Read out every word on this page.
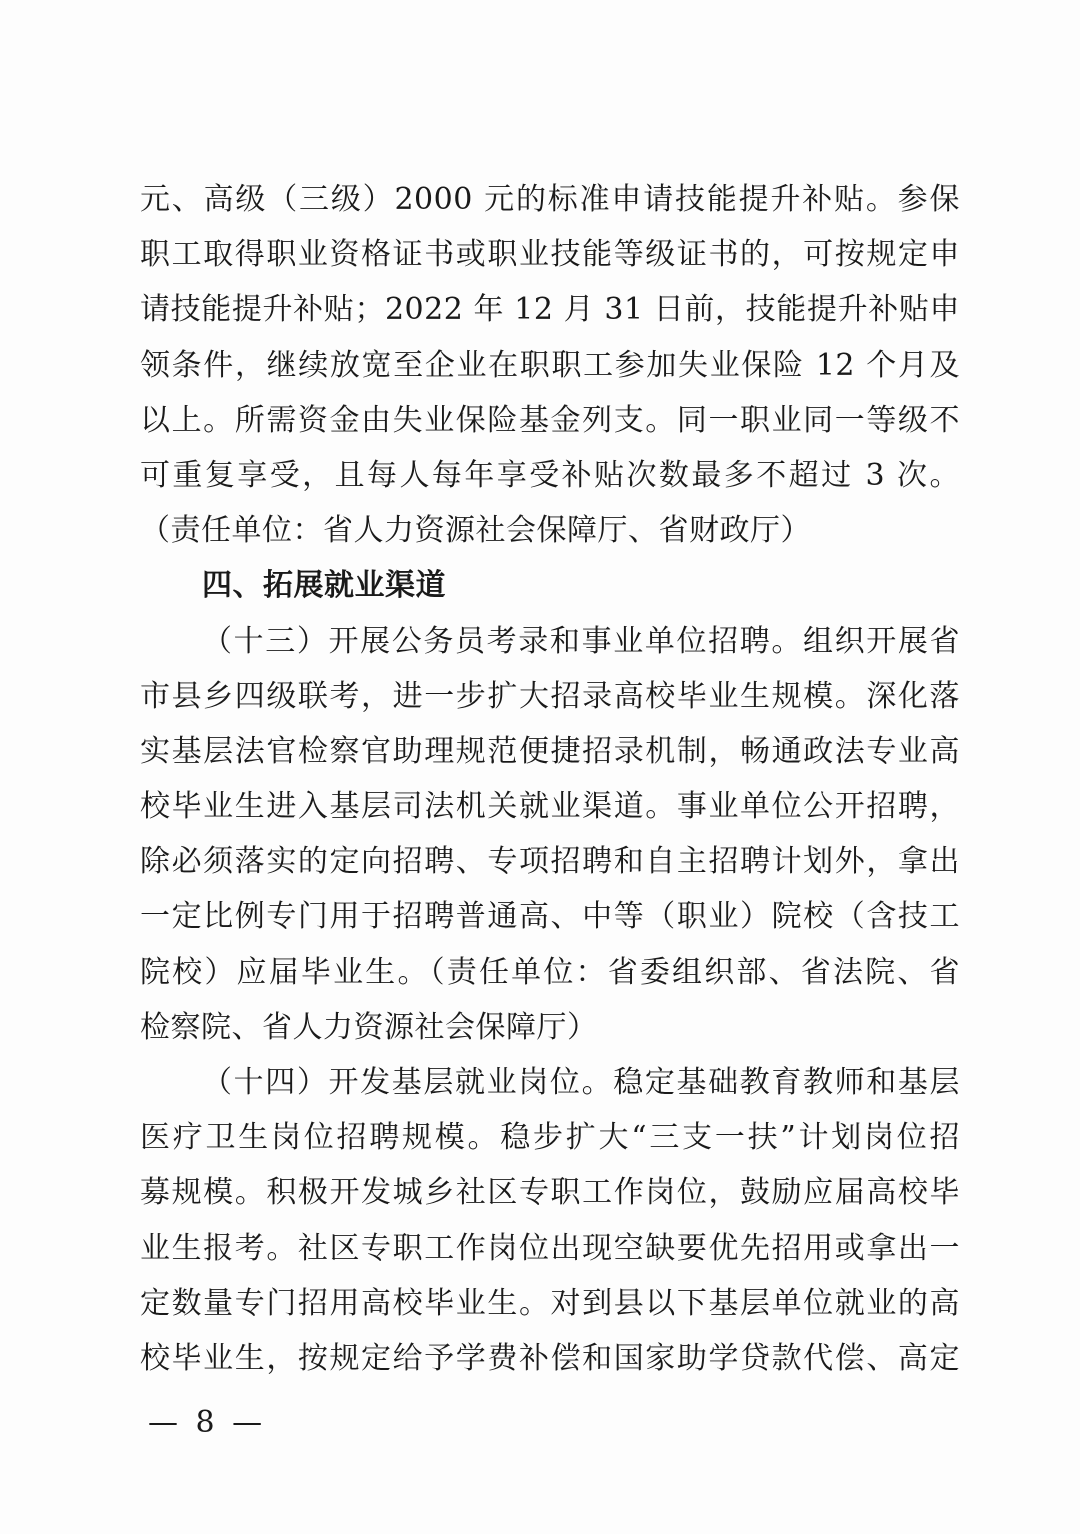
元、高级（三级）2000 元的标准申请技能提升补贴。参保
职工取得职业资格证书或职业技能等级证书的，可按规定申
请技能提升补贴；2022 年 12 月 31 日前，技能提升补贴申
领条件，继续放宽至企业在职职工参加失业保险 12 个月及
以上。所需资金由失业保险基金列支。同一职业同一等级不
可重复享受，且每人每年享受补贴次数最多不超过 3 次。
（责任单位：省人力资源社会保障厅、省财政厅）
四、拓展就业渠道
（十三）开展公务员考录和事业单位招聘。组织开展省
市县乡四级联考，进一步扩大招录高校毕业生规模。深化落
实基层法官检察官助理规范便捷招录机制，畅通政法专业高
校毕业生进入基层司法机关就业渠道。事业单位公开招聘，
除必须落实的定向招聘、专项招聘和自主招聘计划外，拿出
一定比例专门用于招聘普通高、中等（职业）院校（含技工
院校）应届毕业生。（责任单位：省委组织部、省法院、省
检察院、省人力资源社会保障厅）
（十四）开发基层就业岗位。稳定基础教育教师和基层
医疗卫生岗位招聘规模。稳步扩大“三支一扶”计划岗位招
募规模。积极开发城乡社区专职工作岗位，鼓励应届高校毕
业生报考。社区专职工作岗位出现空缺要优先招用或拿出一
定数量专门招用高校毕业生。对到县以下基层单位就业的高
校毕业生，按规定给予学费补偿和国家助学贷款代偿、高定
— 8 —
